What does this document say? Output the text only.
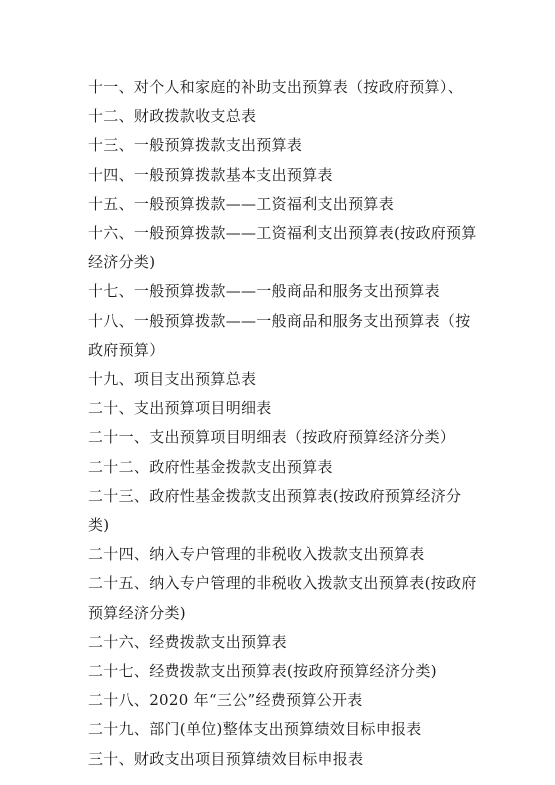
十一、对个人和家庭的补助支出预算表（按政府预算）、
十二、财政拨款收支总表
十三、一般预算拨款支出预算表
十四、一般预算拨款基本支出预算表
十五、一般预算拨款——工资福利支出预算表
十六、一般预算拨款——工资福利支出预算表(按政府预算经济分类)
十七、一般预算拨款——一般商品和服务支出预算表
十八、一般预算拨款——一般商品和服务支出预算表（按政府预算）
十九、项目支出预算总表
二十、支出预算项目明细表
二十一、支出预算项目明细表（按政府预算经济分类）
二十二、政府性基金拨款支出预算表
二十三、政府性基金拨款支出预算表(按政府预算经济分类)
二十四、纳入专户管理的非税收入拨款支出预算表
二十五、纳入专户管理的非税收入拨款支出预算表(按政府预算经济分类)
二十六、经费拨款支出预算表
二十七、经费拨款支出预算表(按政府预算经济分类)
二十八、2020 年“三公”经费预算公开表
二十九、部门(单位)整体支出预算绩效目标申报表
三十、财政支出项目预算绩效目标申报表
